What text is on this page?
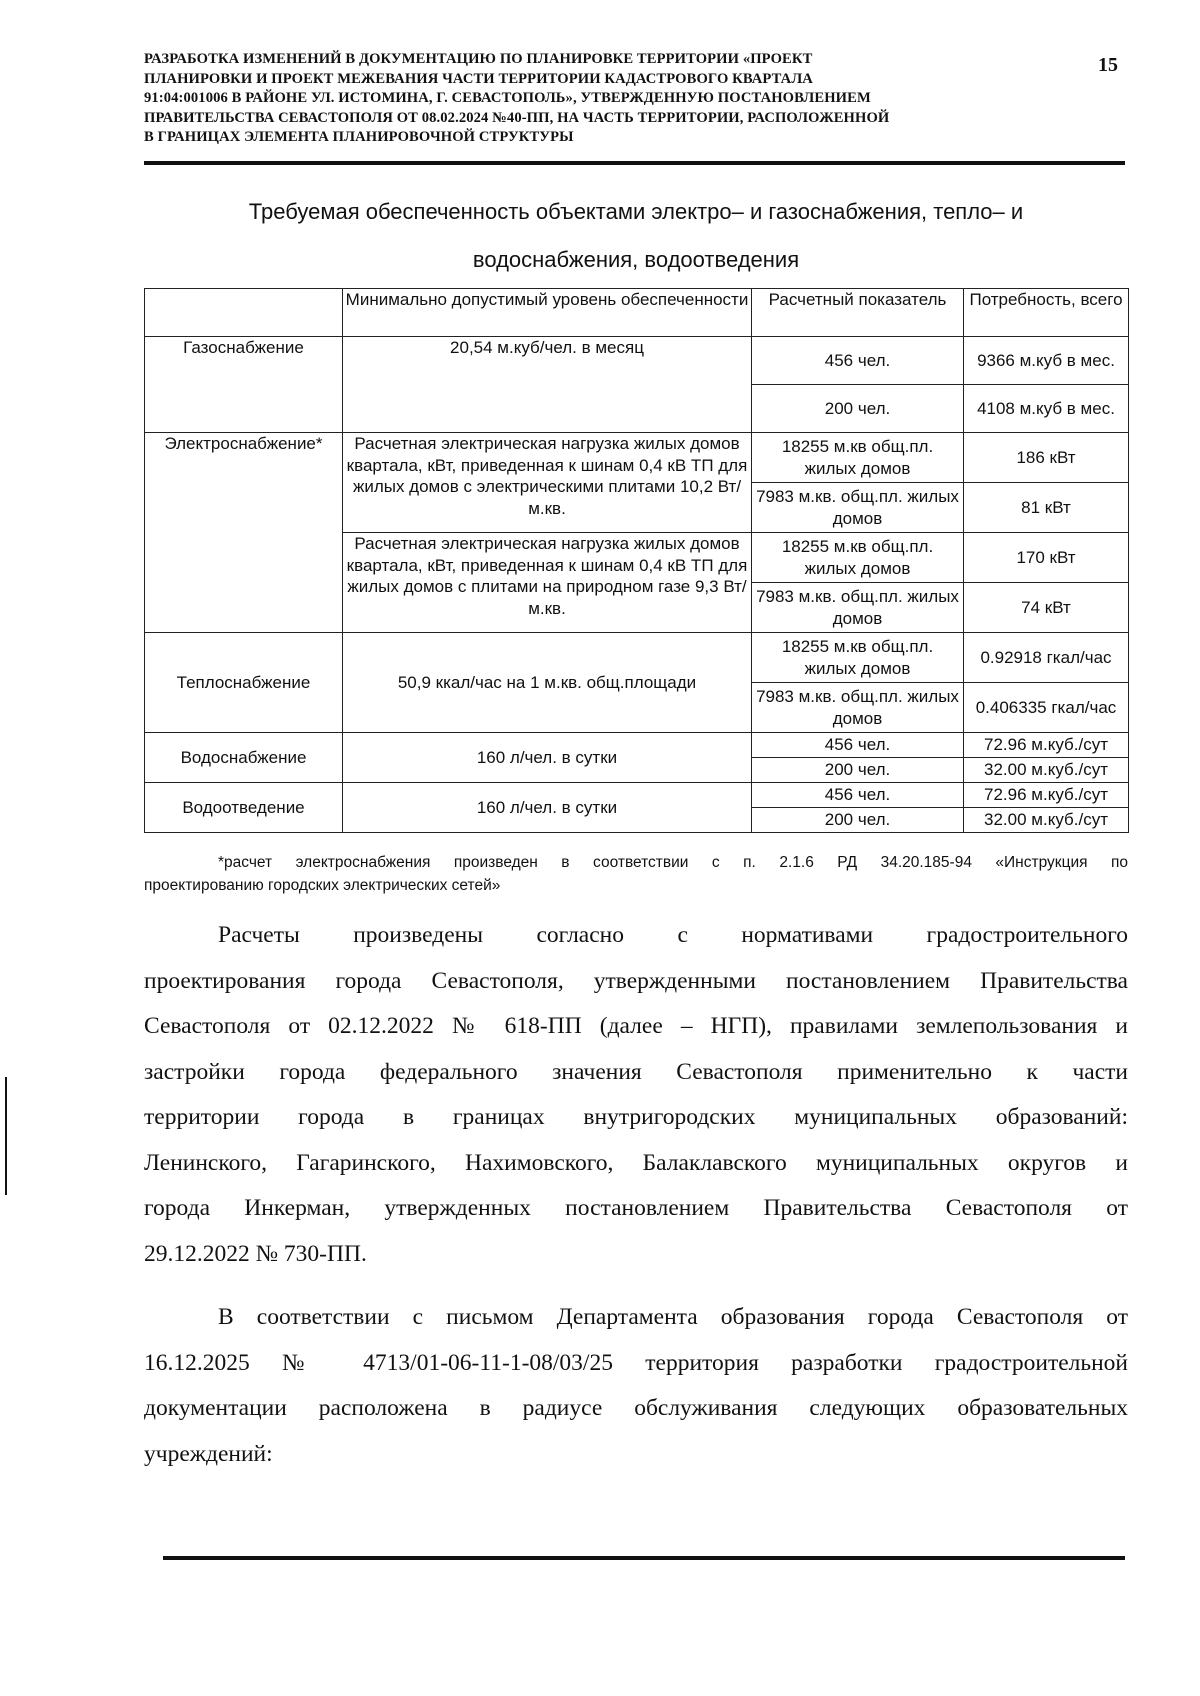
РАЗРАБОТКА ИЗМЕНЕНИЙ В ДОКУМЕНТАЦИЮ ПО ПЛАНИРОВКЕ ТЕРРИТОРИИ «ПРОЕКТ
ПЛАНИРОВКИ И ПРОЕКТ МЕЖЕВАНИЯ ЧАСТИ ТЕРРИТОРИИ КАДАСТРОВОГО КВАРТАЛА
91:04:001006 В РАЙОНЕ УЛ. ИСТОМИНА, Г. СЕВАСТОПОЛЬ», УТВЕРЖДЕННУЮ ПОСТАНОВЛЕНИЕМ
ПРАВИТЕЛЬСТВА СЕВАСТОПОЛЯ ОТ 08.02.2024 №40-ПП, НА ЧАСТЬ ТЕРРИТОРИИ, РАСПОЛОЖЕННОЙ
В ГРАНИЦАХ ЭЛЕМЕНТА ПЛАНИРОВОЧНОЙ СТРУКТУРЫ
15
Требуемая обеспеченность объектами электро– и газоснабжения, тепло– и
водоснабжения, водоотведения
	Минимально допустимый уровень обеспеченности	Расчетный показатель	Потребность, всего
Газоснабжение	20,54 м.куб/чел. в месяц	456 чел.	9366 м.куб в мес.
		200 чел.	4108 м.куб в мес.
Электроснабжение*	Расчетная электрическая нагрузка жилых домов квартала, кВт, приведенная к шинам 0,4 кВ ТП для жилых домов с электрическими плитами 10,2 Вт/м.кв.	18255 м.кв общ.пл. жилых домов	186 кВт
		7983 м.кв. общ.пл. жилых домов	81 кВт
	Расчетная электрическая нагрузка жилых домов квартала, кВт, приведенная к шинам 0,4 кВ ТП для жилых домов с плитами на природном газе 9,3 Вт/м.кв.	18255 м.кв общ.пл. жилых домов	170 кВт
		7983 м.кв. общ.пл. жилых домов	74 кВт
Теплоснабжение	50,9 ккал/час на 1 м.кв. общ.площади	18255 м.кв общ.пл. жилых домов	0.92918 гкал/час
		7983 м.кв. общ.пл. жилых домов	0.406335 гкал/час
Водоснабжение	160 л/чел. в сутки	456 чел.	72.96 м.куб./сут
		200 чел.	32.00 м.куб./сут
Водоотведение	160 л/чел. в сутки	456 чел.	72.96 м.куб./сут
		200 чел.	32.00 м.куб./сут
*расчет электроснабжения произведен в соответствии с п. 2.1.6 РД 34.20.185-94 «Инструкция по
проектированию городских электрических сетей»
Расчеты произведены согласно с нормативами градостроительного
проектирования города Севастополя, утвержденными постановлением Правительства
Севастополя от 02.12.2022 № 618-ПП (далее – НГП), правилами землепользования и
застройки города федерального значения Севастополя применительно к части
территории города в границах внутригородских муниципальных образований:
Ленинского, Гагаринского, Нахимовского, Балаклавского муниципальных округов и
города Инкерман, утвержденных постановлением Правительства Севастополя от
29.12.2022 № 730-ПП.
В соответствии с письмом Департамента образования города Севастополя от
16.12.2025 № 4713/01-06-11-1-08/03/25 территория разработки градостроительной
документации расположена в радиусе обслуживания следующих образовательных
учреждений:
